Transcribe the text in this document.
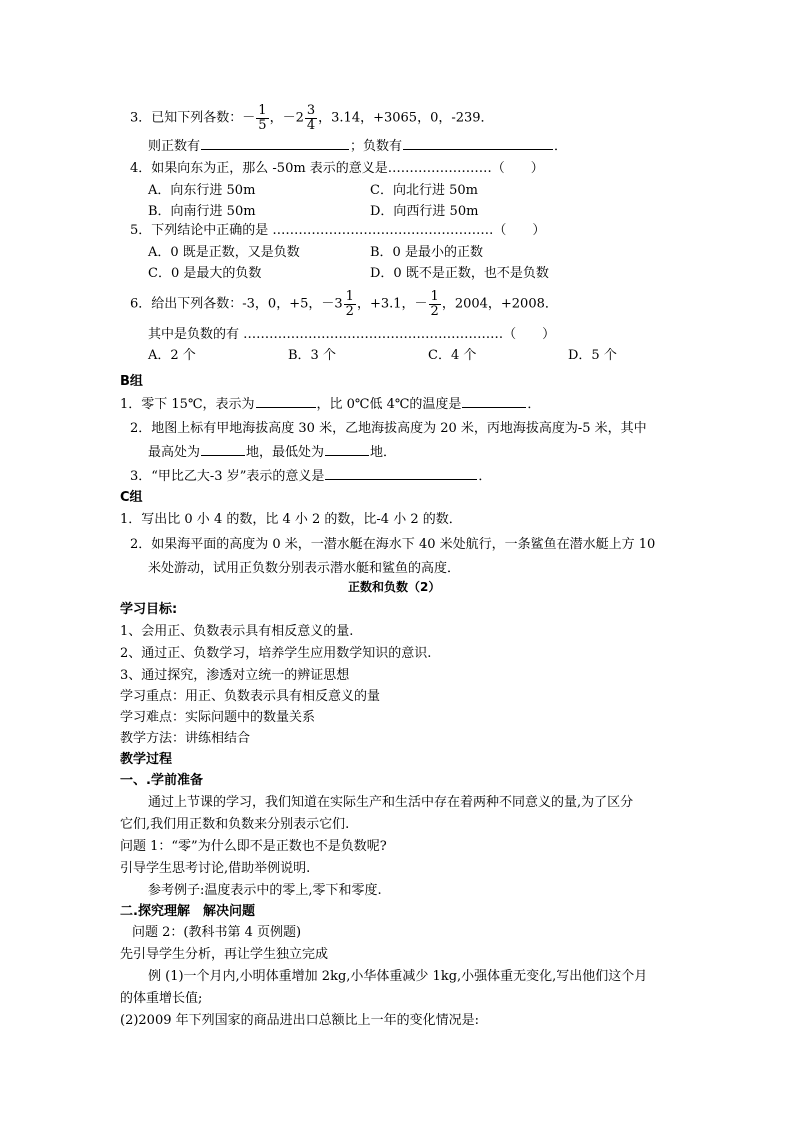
3．已知下列各数：－ $\frac{1}{5}$ ，$-2 \frac{3}{4}$ ，3.14，+3065，0，-239．
则正数有	；负数有	．
4．如果向东为正，那么 -50m 表示的意义是……………………（　　）
A．向东行进 50m	C．向北行进 50m
B．向南行进 50m	D．向西行进 50m
5．下列结论中正确的是 ……………………………………………（　　）
A．0 既是正数，又是负数	B．0 是最小的正数
C．0 是最大的负数	D．0 既不是正数，也不是负数
6．给出下列各数：-3，0，+5，$-3 \frac{1}{2}$ ，+3.1，－ $\frac{1}{2}$ ，2004，+2008．
其中是负数的有 ……………………………………………………（　　）
A．2 个	B．3 个	C．4 个	D．5 个
B组
1．零下 15℃，表示为	，比 0℃低 4℃的温度是	．
2．地图上标有甲地海拔高度 30 米，乙地海拔高度为 20 米，丙地海拔高度为-5 米，其中
最高处为	地，最低处为	地．
3．“甲比乙大-3 岁”表示的意义是	．
C组
1．写出比 0 小 4 的数，比 4 小 2 的数，比-4 小 2 的数．
2．如果海平面的高度为 0 米，一潜水艇在海水下 40 米处航行，一条鲨鱼在潜水艇上方 10
米处游动，试用正负数分别表示潜水艇和鲨鱼的高度．
正数和负数（2）
学习目标:
1、会用正、负数表示具有相反意义的量.
2、通过正、负数学习，培养学生应用数学知识的意识.
3、通过探究，渗透对立统一的辨证思想
学习重点：用正、负数表示具有相反意义的量
学习难点：实际问题中的数量关系
教学方法：讲练相结合
教学过程
一、.学前准备
通过上节课的学习，我们知道在实际生产和生活中存在着两种不同意义的量,为了区分
它们,我们用正数和负数来分别表示它们.
问题 1：“零”为什么即不是正数也不是负数呢?
引导学生思考讨论,借助举例说明.
参考例子:温度表示中的零上,零下和零度.
二.探究理解　解决问题
问题 2：(教科书第 4 页例题)
先引导学生分析，再让学生独立完成
例 (1)一个月内,小明体重增加 2kg,小华体重减少 1kg,小强体重无变化,写出他们这个月
的体重增长值;
(2)2009 年下列国家的商品进出口总额比上一年的变化情况是:
